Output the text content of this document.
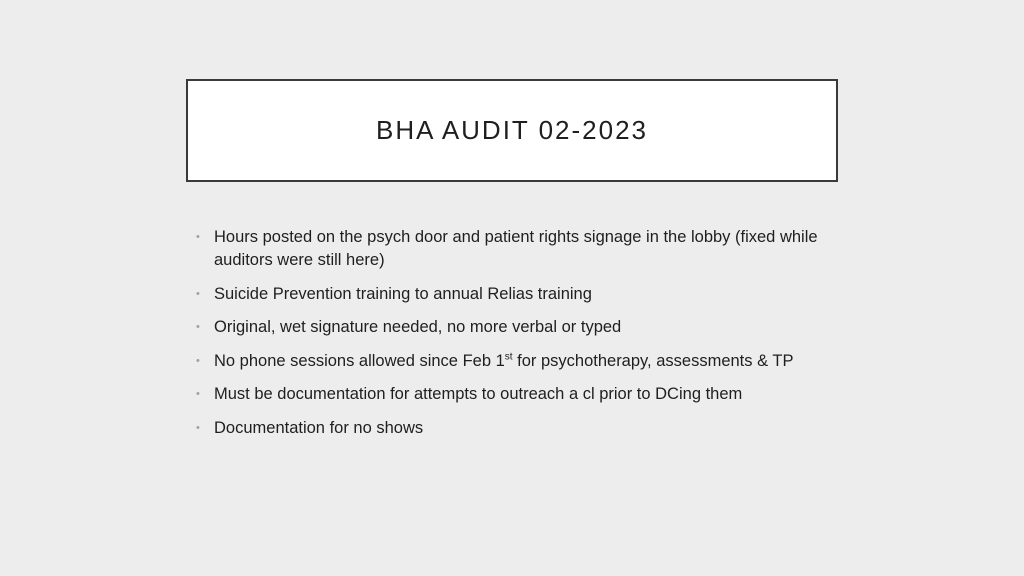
BHA AUDIT 02-2023
• Hours posted on the psych door and patient rights signage in the lobby (fixed while auditors were still here)
• Suicide Prevention training to annual Relias training
• Original, wet signature needed, no more verbal or typed
• No phone sessions allowed since Feb 1st for psychotherapy, assessments & TP
• Must be documentation for attempts to outreach a cl prior to DCing them
• Documentation for no shows
